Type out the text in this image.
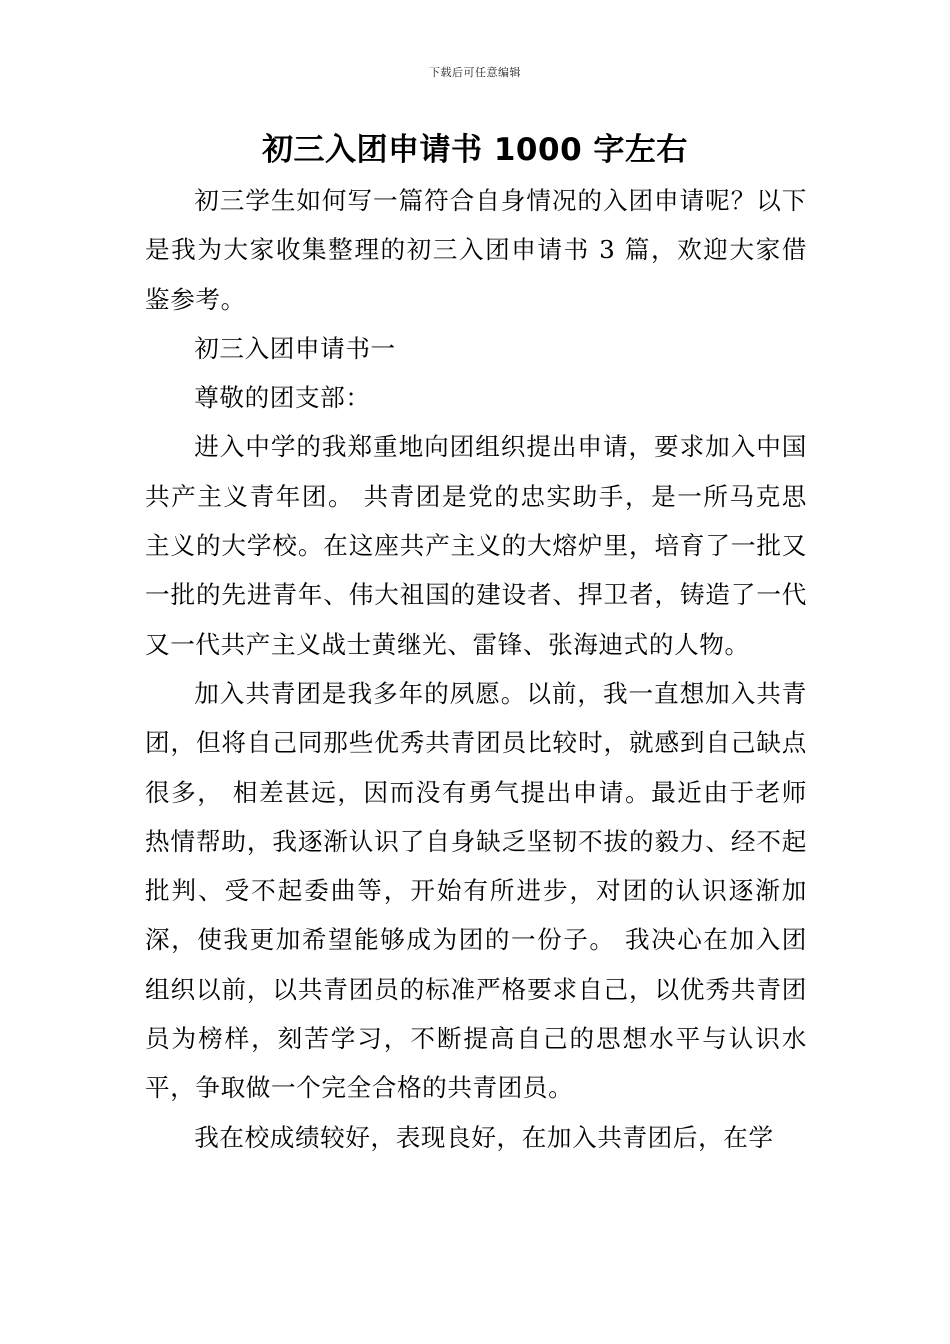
下载后可任意编辑
初三入团申请书 1000 字左右

初三学生如何写一篇符合自身情况的入团申请呢？以下是我为大家收集整理的初三入团申请书 3 篇，欢迎大家借鉴参考。

初三入团申请书一

尊敬的团支部：

进入中学的我郑重地向团组织提出申请，要求加入中国共产主义青年团。 共青团是党的忠实助手，是一所马克思主义的大学校。在这座共产主义的大熔炉里，培育了一批又一批的先进青年、伟大祖国的建设者、捍卫者，铸造了一代又一代共产主义战士黄继光、雷锋、张海迪式的人物。

加入共青团是我多年的夙愿。以前，我一直想加入共青团，但将自己同那些优秀共青团员比较时，就感到自己缺点很多， 相差甚远，因而没有勇气提出申请。最近由于老师热情帮助，我逐渐认识了自身缺乏坚韧不拔的毅力、经不起批判、受不起委曲等，开始有所进步，对团的认识逐渐加深，使我更加希望能够成为团的一份子。 我决心在加入团组织以前，以共青团员的标准严格要求自己，以优秀共青团员为榜样，刻苦学习，不断提高自己的思想水平与认识水平，争取做一个完全合格的共青团员。

我在校成绩较好，表现良好，在加入共青团后，在学
